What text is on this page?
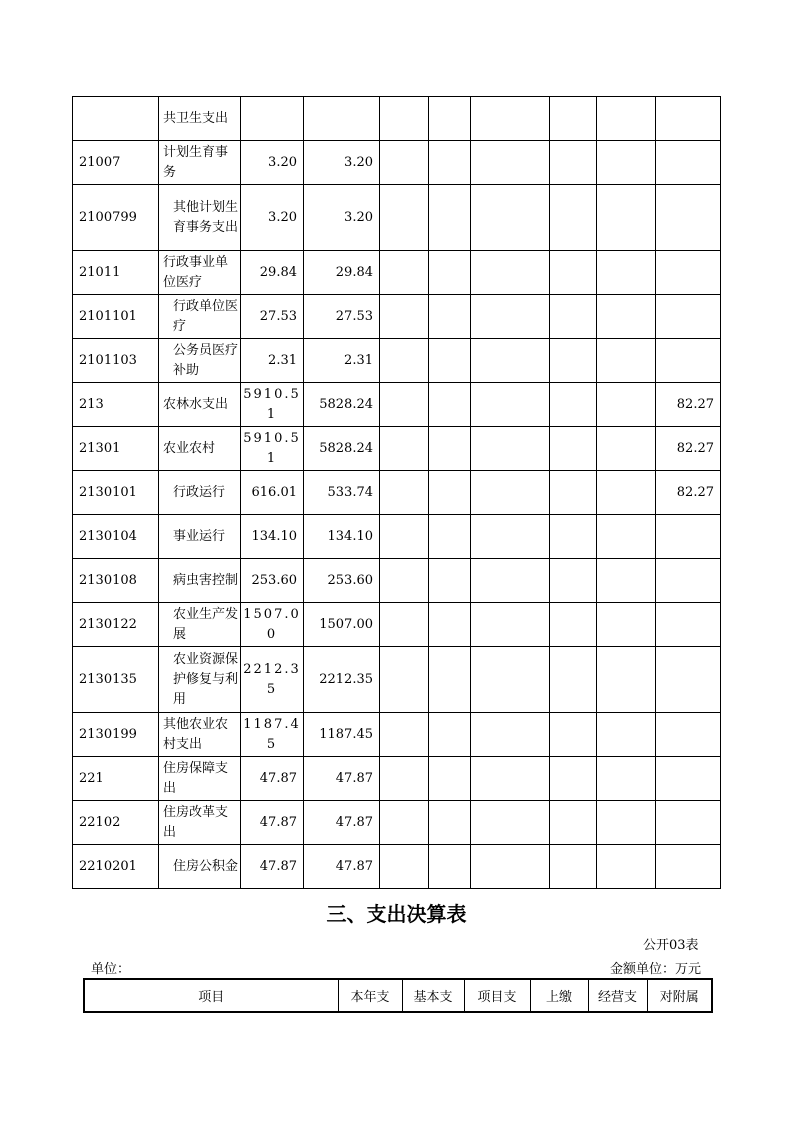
	共卫生支出								
21007	计划生育事务	3.20	3.20						
2100799	其他计划生育事务支出	3.20	3.20						
21011	行政事业单位医疗	29.84	29.84						
2101101	行政单位医疗	27.53	27.53						
2101103	公务员医疗补助	2.31	2.31						
213	农林水支出	5910.51	5828.24						82.27
21301	农业农村	5910.51	5828.24						82.27
2130101	行政运行	616.01	533.74						82.27
2130104	事业运行	134.10	134.10						
2130108	病虫害控制	253.60	253.60						
2130122	农业生产发展	1507.00	1507.00						
2130135	农业资源保护修复与利用	2212.35	2212.35						
2130199	其他农业农村支出	1187.45	1187.45						
221	住房保障支出	47.87	47.87						
22102	住房改革支出	47.87	47.87						
2210201	住房公积金	47.87	47.87						
三、支出决算表
公开03表
单位：	金额单位：万元
项目	本年支	基本支	项目支	上缴	经营支	对附属
